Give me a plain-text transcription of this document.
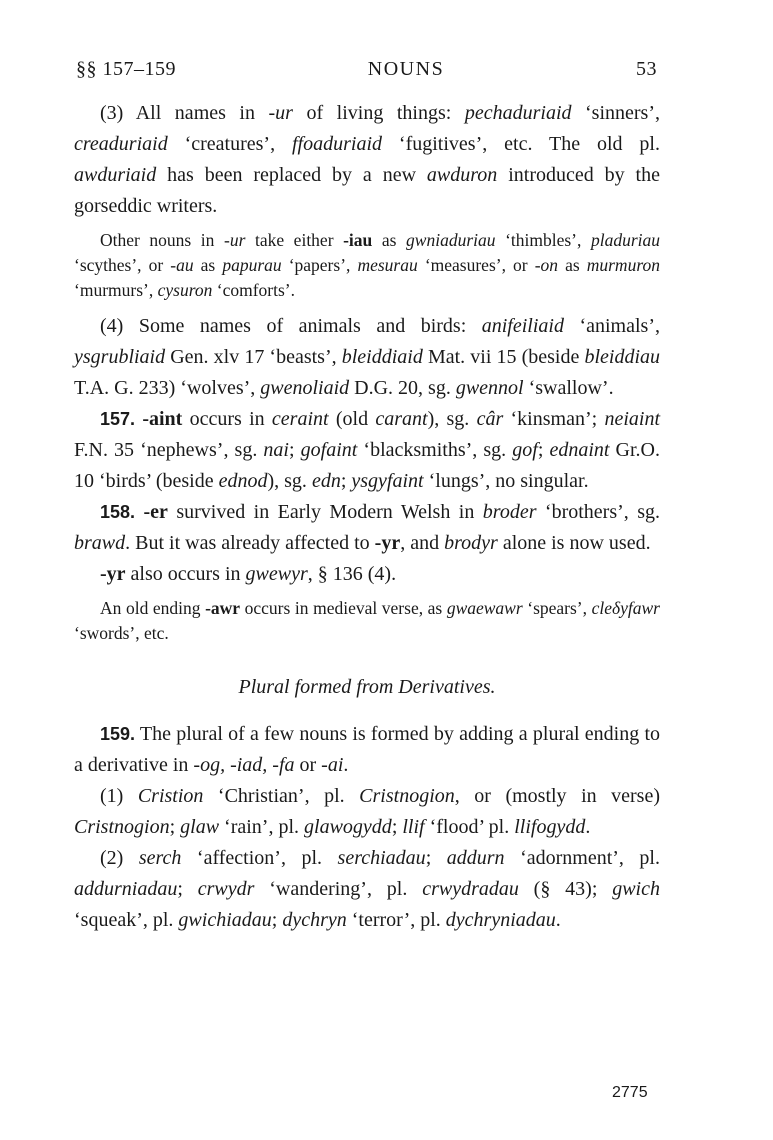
§§ 157–159	NOUNS	53

(3) All names in -ur of living things: pechaduriaid ‘sinners’, creaduriaid ‘creatures’, ffoaduriaid ‘fugitives’, etc. The old pl. awduriaid has been replaced by a new awduron introduced by the gorseddic writers.

Other nouns in -ur take either -iau as gwniaduriau ‘thimbles’, pladuriau ‘scythes’, or -au as papurau ‘papers’, mesurau ‘measures’, or -on as murmuron ‘murmurs’, cysuron ‘comforts’.

(4) Some names of animals and birds: anifeiliaid ‘animals’, ysgrubliaid Gen. xlv 17 ‘beasts’, bleiddiaid Mat. vii 15 (beside bleiddiau T.A. G. 233) ‘wolves’, gwenoliaid D.G. 20, sg. gwennol ‘swallow’.

157. -aint occurs in ceraint (old carant), sg. câr ‘kinsman’; neiaint F.N. 35 ‘nephews’, sg. nai; gofaint ‘blacksmiths’, sg. gof; ednaint Gr.O. 10 ‘birds’ (beside ednod), sg. edn; ysgyfaint ‘lungs’, no singular.

158. -er survived in Early Modern Welsh in broder ‘brothers’, sg. brawd. But it was already affected to -yr, and brodyr alone is now used.

-yr also occurs in gwewyr, § 136 (4).

An old ending -awr occurs in medieval verse, as gwaewawr ‘spears’, cleδyfawr ‘swords’, etc.

Plural formed from Derivatives.

159. The plural of a few nouns is formed by adding a plural ending to a derivative in -og, -iad, -fa or -ai.

(1) Cristion ‘Christian’, pl. Cristnogion, or (mostly in verse) Cristnogion; glaw ‘rain’, pl. glawogydd; llif ‘flood’ pl. llifogydd.

(2) serch ‘affection’, pl. serchiadau; addurn ‘adornment’, pl. addurniadau; crwydr ‘wandering’, pl. crwydradau (§ 43); gwich ‘squeak’, pl. gwichiadau; dychryn ‘terror’, pl. dychryniadau.

2775
